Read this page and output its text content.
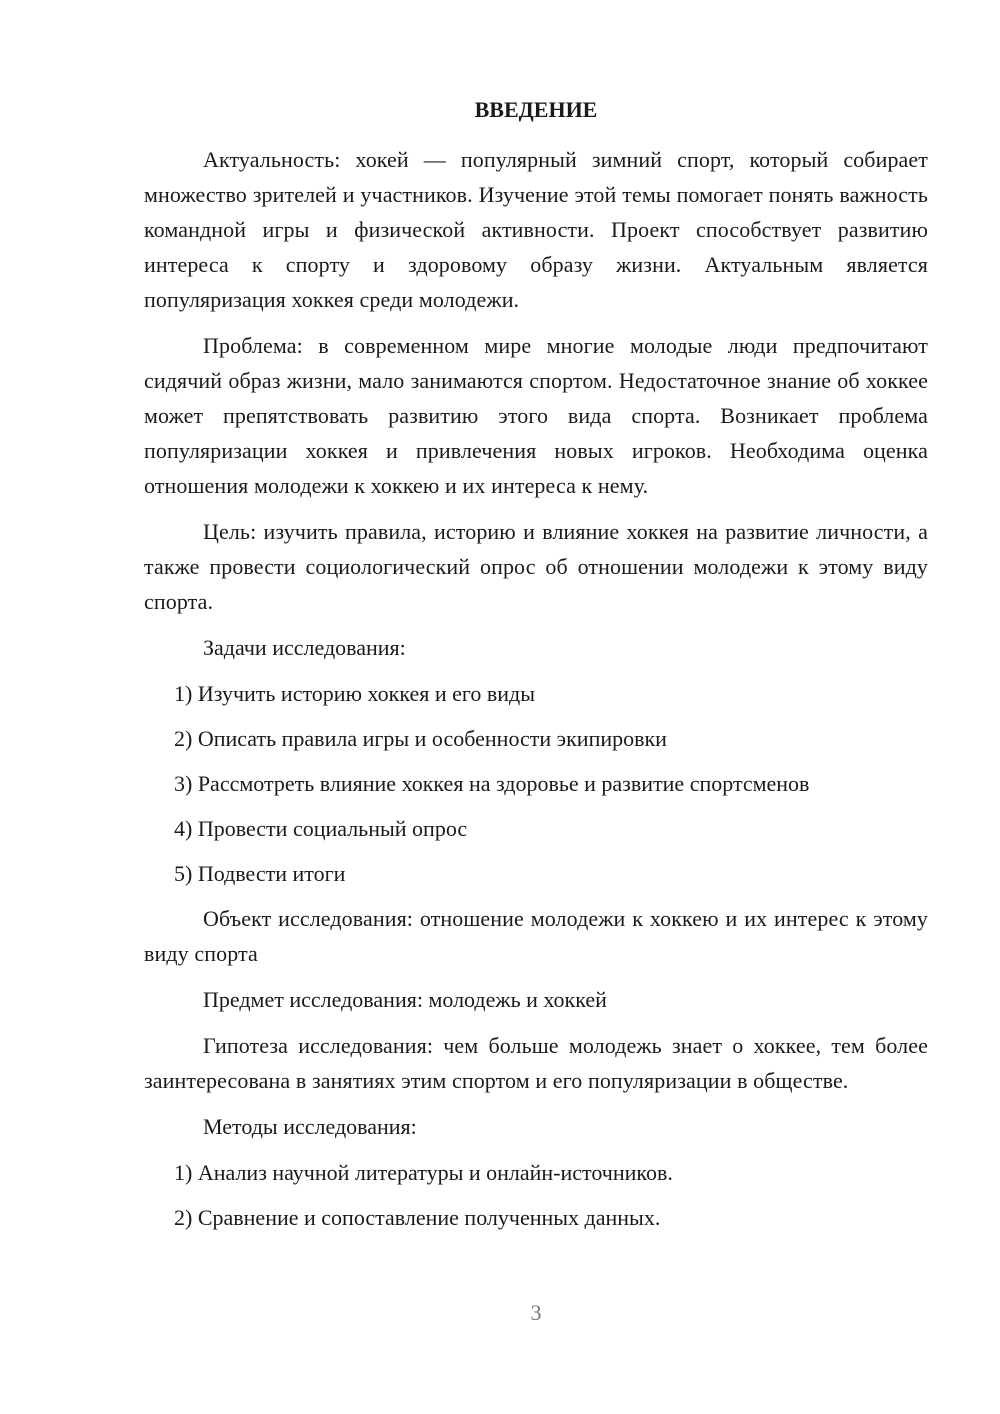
ВВЕДЕНИЕ

Актуальность: хокей — популярный зимний спорт, который собирает множество зрителей и участников. Изучение этой темы помогает понять важность командной игры и физической активности. Проект способствует развитию интереса к спорту и здоровому образу жизни. Актуальным является популяризация хоккея среди молодежи.

Проблема: в современном мире многие молодые люди предпочитают сидячий образ жизни, мало занимаются спортом. Недостаточное знание об хоккее может препятствовать развитию этого вида спорта. Возникает проблема популяризации хоккея и привлечения новых игроков. Необходима оценка отношения молодежи к хоккею и их интереса к нему.

Цель: изучить правила, историю и влияние хоккея на развитие личности, а также провести социологический опрос об отношении молодежи к этому виду спорта.

Задачи исследования:

1) Изучить историю хоккея и его виды
2) Описать правила игры и особенности экипировки
3) Рассмотреть влияние хоккея на здоровье и развитие спортсменов
4) Провести социальный опрос
5) Подвести итоги

Объект исследования: отношение молодежи к хоккею и их интерес к этому виду спорта

Предмет исследования: молодежь и хоккей

Гипотеза исследования: чем больше молодежь знает о хоккее, тем более заинтересована в занятиях этим спортом и его популяризации в обществе.

Методы исследования:

1) Анализ научной литературы и онлайн-источников.
2) Сравнение и сопоставление полученных данных.
3
